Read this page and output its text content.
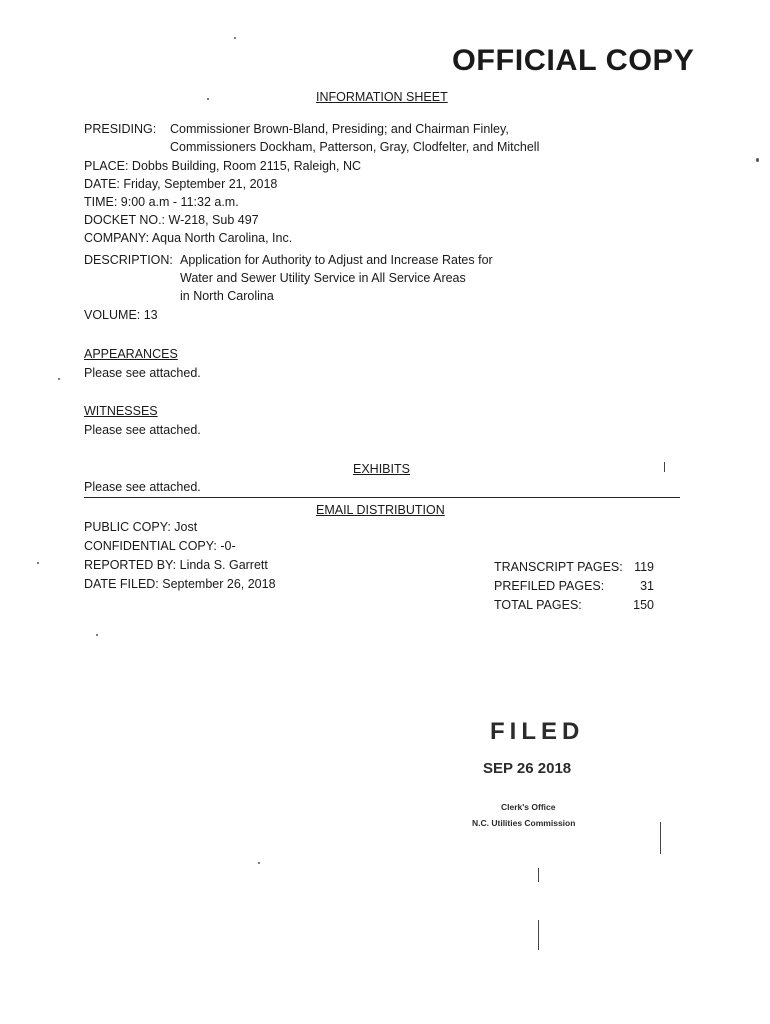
OFFICIAL COPY
INFORMATION SHEET
PRESIDING: Commissioner Brown-Bland, Presiding; and Chairman Finley,
Commissioners Dockham, Patterson, Gray, Clodfelter, and Mitchell
PLACE: Dobbs Building, Room 2115, Raleigh, NC
DATE: Friday, September 21, 2018
TIME: 9:00 a.m - 11:32 a.m.
DOCKET NO.: W-218, Sub 497
COMPANY: Aqua North Carolina, Inc.
DESCRIPTION: Application for Authority to Adjust and Increase Rates for
Water and Sewer Utility Service in All Service Areas
in North Carolina
VOLUME: 13
APPEARANCES
Please see attached.
WITNESSES
Please see attached.
EXHIBITS
Please see attached.
EMAIL DISTRIBUTION
PUBLIC COPY: Jost
CONFIDENTIAL COPY: -0-
REPORTED BY: Linda S. Garrett
DATE FILED: September 26, 2018
TRANSCRIPT PAGES: 119
PREFILED PAGES:	31
TOTAL PAGES:	150
FILED
SEP 26 2018
Clerk's Office
N.C. Utilities Commission
